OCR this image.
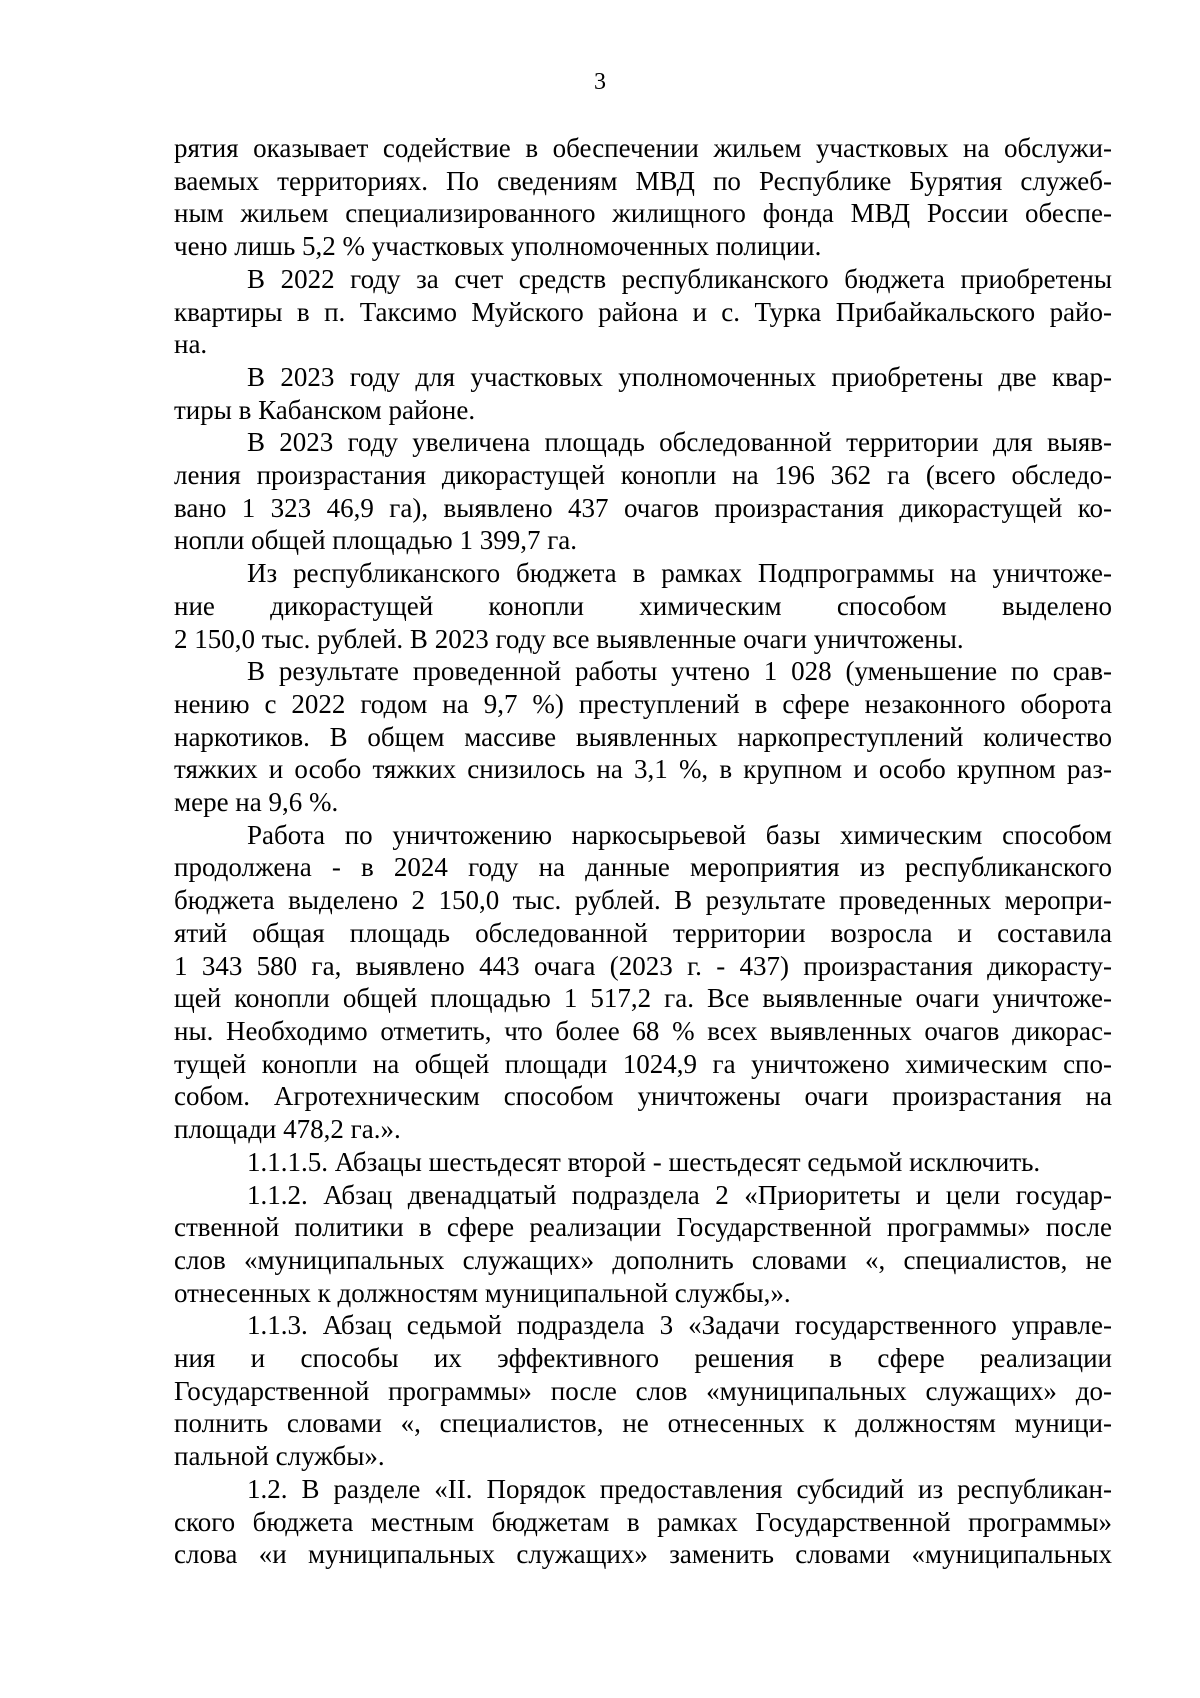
3
рятия оказывает содействие в обеспечении жильем участковых на обслужи-
ваемых территориях. По сведениям МВД по Республике Бурятия служеб-
ным жильем специализированного жилищного фонда МВД России обеспе-
чено лишь 5,2 % участковых уполномоченных полиции.
В 2022 году за счет средств республиканского бюджета приобретены
квартиры в п. Таксимо Муйского района и с. Турка Прибайкальского райо-
на.
В 2023 году для участковых уполномоченных приобретены две квар-
тиры в Кабанском районе.
В 2023 году увеличена площадь обследованной территории для выяв-
ления произрастания дикорастущей конопли на 196 362 га (всего обследо-
вано 1 323 46,9 га), выявлено 437 очагов произрастания дикорастущей ко-
нопли общей площадью 1 399,7 га.
Из республиканского бюджета в рамках Подпрограммы на уничтоже-
ние дикорастущей конопли химическим способом выделено
2 150,0 тыс. рублей. В 2023 году все выявленные очаги уничтожены.
В результате проведенной работы учтено 1 028 (уменьшение по срав-
нению с 2022 годом на 9,7 %) преступлений в сфере незаконного оборота
наркотиков. В общем массиве выявленных наркопреступлений количество
тяжких и особо тяжких снизилось на 3,1 %, в крупном и особо крупном раз-
мере на 9,6 %.
Работа по уничтожению наркосырьевой базы химическим способом
продолжена - в 2024 году на данные мероприятия из республиканского
бюджета выделено 2 150,0 тыс. рублей. В результате проведенных меропри-
ятий общая площадь обследованной территории возросла и составила
1 343 580 га, выявлено 443 очага (2023 г. - 437) произрастания дикорасту-
щей конопли общей площадью 1 517,2 га. Все выявленные очаги уничтоже-
ны. Необходимо отметить, что более 68 % всех выявленных очагов дикорас-
тущей конопли на общей площади 1024,9 га уничтожено химическим спо-
собом. Агротехническим способом уничтожены очаги произрастания на
площади 478,2 га.».
1.1.1.5. Абзацы шестьдесят второй - шестьдесят седьмой исключить.
1.1.2. Абзац двенадцатый подраздела 2 «Приоритеты и цели государ-
ственной политики в сфере реализации Государственной программы» после
слов «муниципальных служащих» дополнить словами «, специалистов, не
отнесенных к должностям муниципальной службы,».
1.1.3. Абзац седьмой подраздела 3 «Задачи государственного управле-
ния и способы их эффективного решения в сфере реализации
Государственной программы» после слов «муниципальных служащих» до-
полнить словами «, специалистов, не отнесенных к должностям муници-
пальной службы».
1.2. В разделе «II. Порядок предоставления субсидий из республикан-
ского бюджета местным бюджетам в рамках Государственной программы»
слова «и муниципальных служащих» заменить словами «муниципальных
